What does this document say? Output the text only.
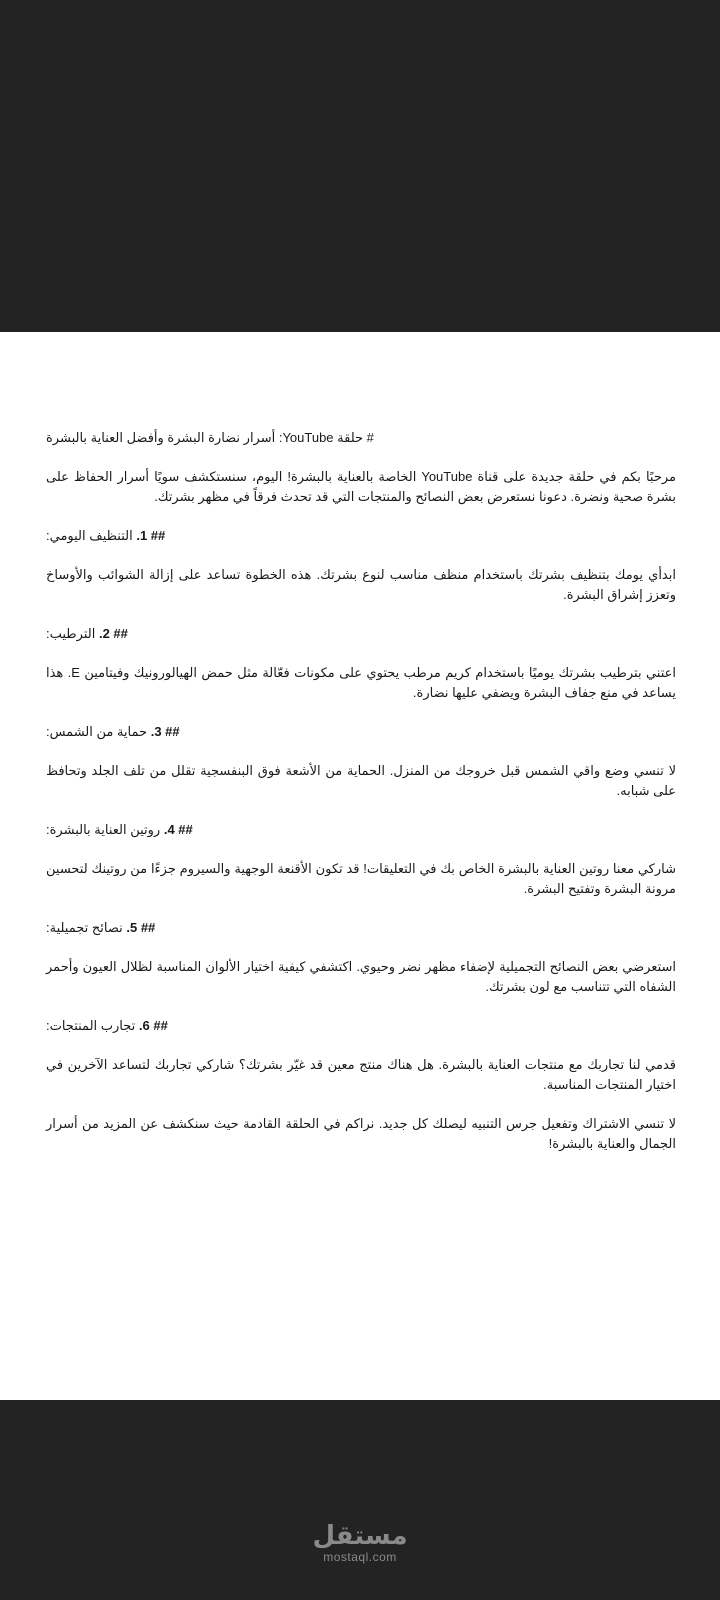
# حلقة YouTube: أسرار نضارة البشرة وأفضل العناية بالبشرة

مرحبًا بكم في حلقة جديدة على قناة YouTube الخاصة بالعناية بالبشرة! اليوم، سنستكشف سويًا أسرار الحفاظ على بشرة صحية ونضرة. دعونا نستعرض بعض النصائح والمنتجات التي قد تحدث فرقاً في مظهر بشرتك.

## 1. التنظيف اليومي:

ابدأي يومك بتنظيف بشرتك باستخدام منظف مناسب لنوع بشرتك. هذه الخطوة تساعد على إزالة الشوائب والأوساخ وتعزز إشراق البشرة.

## 2. الترطيب:

اعتني بترطيب بشرتك يوميًا باستخدام كريم مرطب يحتوي على مكونات فعّالة مثل حمض الهيالورونيك وفيتامين E. هذا يساعد في منع جفاف البشرة ويضفي عليها نضارة.

## 3. حماية من الشمس:

لا تنسي وضع واقي الشمس قبل خروجك من المنزل. الحماية من الأشعة فوق البنفسجية تقلل من تلف الجلد وتحافظ على شبابه.

## 4. روتين العناية بالبشرة:

شاركي معنا روتين العناية بالبشرة الخاص بك في التعليقات! قد تكون الأقنعة الوجهية والسيروم جزءًا من روتينك لتحسين مرونة البشرة وتفتيح البشرة.

## 5. نصائح تجميلية:

استعرضي بعض النصائح التجميلية لإضفاء مظهر نضر وحيوي. اكتشفي كيفية اختيار الألوان المناسبة لظلال العيون وأحمر الشفاه التي تتناسب مع لون بشرتك.

## 6. تجارب المنتجات:

قدمي لنا تجاربك مع منتجات العناية بالبشرة. هل هناك منتج معين قد غيّر بشرتك؟ شاركي تجاربك لتساعد الآخرين في اختيار المنتجات المناسبة.

لا تنسي الاشتراك وتفعيل جرس التنبيه ليصلك كل جديد. نراكم في الحلقة القادمة حيث سنكشف عن المزيد من أسرار الجمال والعناية بالبشرة!

مستقل
mostaql.com
